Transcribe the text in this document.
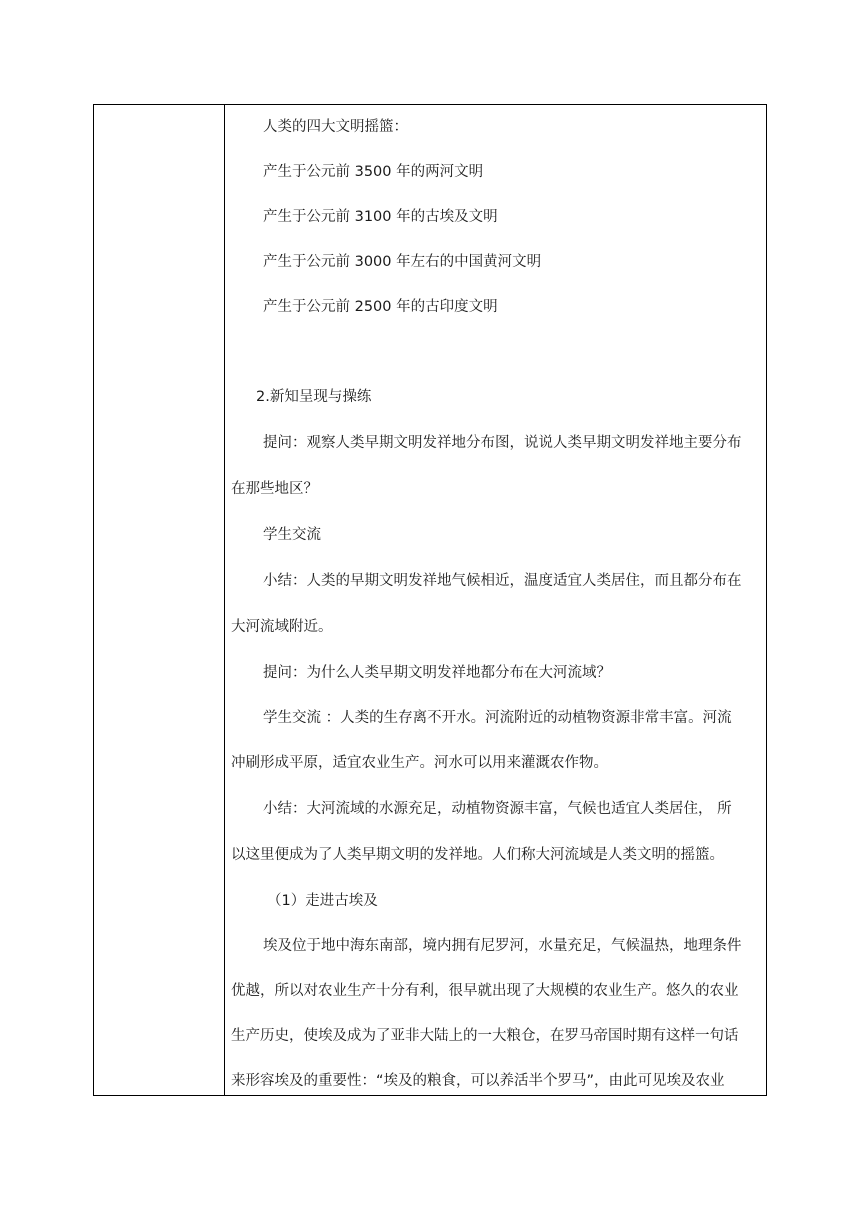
人类的四大文明摇篮：
产生于公元前 3500 年的两河文明
产生于公元前 3100 年的古埃及文明
产生于公元前 3000 年左右的中国黄河文明
产生于公元前 2500 年的古印度文明
2.新知呈现与操练
提问：观察人类早期文明发祥地分布图，说说人类早期文明发祥地主要分布
在那些地区？
学生交流
小结：人类的早期文明发祥地气候相近，温度适宜人类居住，而且都分布在
大河流域附近。
提问：为什么人类早期文明发祥地都分布在大河流域？
学生交流 ：人类的生存离不开水。河流附近的动植物资源非常丰富。河流
冲刷形成平原，适宜农业生产。河水可以用来灌溉农作物。
小结：大河流域的水源充足，动植物资源丰富，气候也适宜人类居住， 所
以这里便成为了人类早期文明的发祥地。人们称大河流域是人类文明的摇篮。
（1）走进古埃及
埃及位于地中海东南部，境内拥有尼罗河，水量充足，气候温热，地理条件
优越，所以对农业生产十分有利，很早就出现了大规模的农业生产。悠久的农业
生产历史，使埃及成为了亚非大陆上的一大粮仓，在罗马帝国时期有这样一句话
来形容埃及的重要性：“埃及的粮食，可以养活半个罗马”，由此可见埃及农业
